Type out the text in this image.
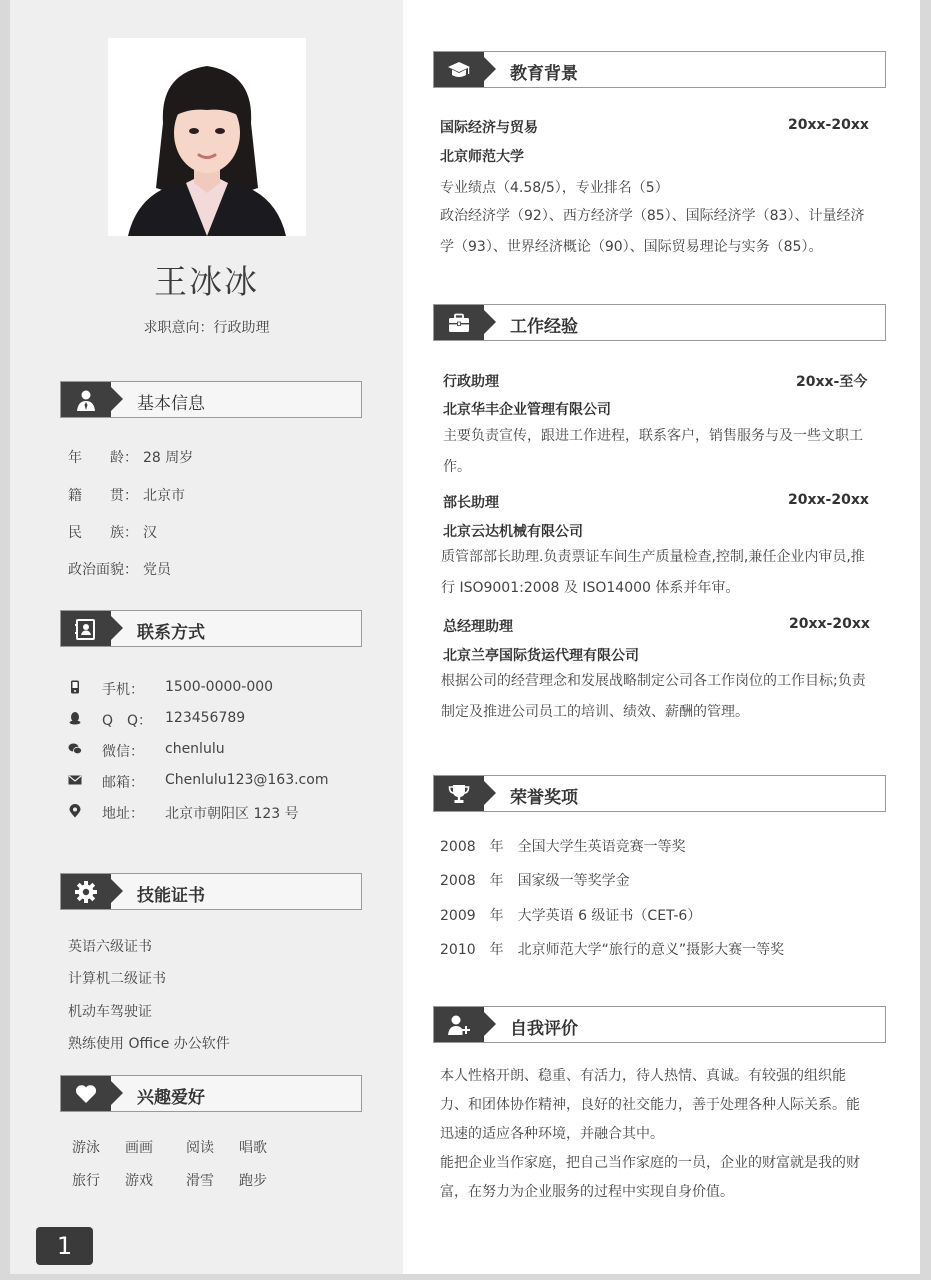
王冰冰
求职意向：行政助理
基本信息
年　　龄： 28 周岁
籍　　贯： 北京市
民　　族： 汉
政治面貌： 党员
联系方式
手机： 1500-0000-000
Q　Q： 123456789
微信： chenlulu
邮箱： Chenlulu123@163.com
地址： 北京市朝阳区 123 号
技能证书
英语六级证书
计算机二级证书
机动车驾驶证
熟练使用 Office 办公软件
兴趣爱好
游泳 画画 阅读 唱歌
旅行 游戏 滑雪 跑步
1
教育背景
国际经济与贸易	20xx-20xx
北京师范大学
专业绩点（4.58/5），专业排名（5）
政治经济学（92）、西方经济学（85）、国际经济学（83）、计量经济学（93）、世界经济概论（90）、国际贸易理论与实务（85）。
工作经验
行政助理	20xx-至今
北京华丰企业管理有限公司
主要负责宣传，跟进工作进程，联系客户，销售服务与及一些文职工作。
部长助理	20xx-20xx
北京云达机械有限公司
质管部部长助理.负责票证车间生产质量检查,控制,兼任企业内审员,推行 ISO9001:2008 及 ISO14000 体系并年审。
总经理助理	20xx-20xx
北京兰亭国际货运代理有限公司
根据公司的经营理念和发展战略制定公司各工作岗位的工作目标;负责制定及推进公司员工的培训、绩效、薪酬的管理。
荣誉奖项
2008　年　全国大学生英语竞赛一等奖
2008　年　国家级一等奖学金
2009　年　大学英语 6 级证书（CET-6）
2010　年　北京师范大学“旅行的意义”摄影大赛一等奖
自我评价
本人性格开朗、稳重、有活力，待人热情、真诚。有较强的组织能力、和团体协作精神，良好的社交能力，善于处理各种人际关系。能迅速的适应各种环境，并融合其中。
能把企业当作家庭，把自己当作家庭的一员，企业的财富就是我的财富，在努力为企业服务的过程中实现自身价值。
